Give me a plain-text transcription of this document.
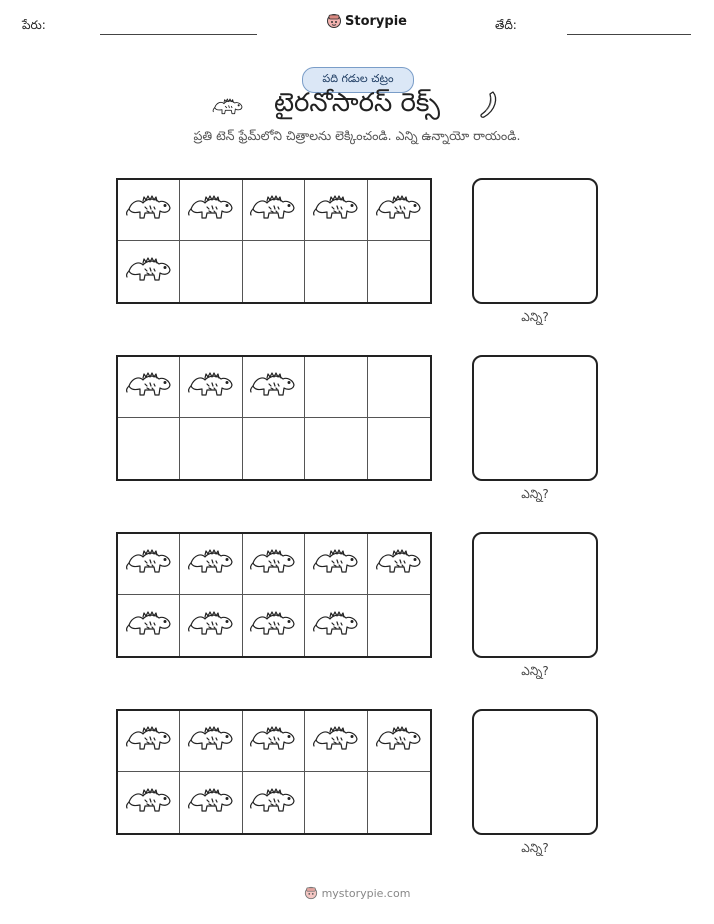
పేరు:	Storypie	తేదీ:
పది గడుల చట్రం
టైరనోసారస్ రెక్స్
ప్రతి టెన్ ఫ్రేమ్‌లోని చిత్రాలను లెక్కించండి. ఎన్ని ఉన్నాయో రాయండి.
ఎన్ని?
ఎన్ని?
ఎన్ని?
ఎన్ని?
mystorypie.com
